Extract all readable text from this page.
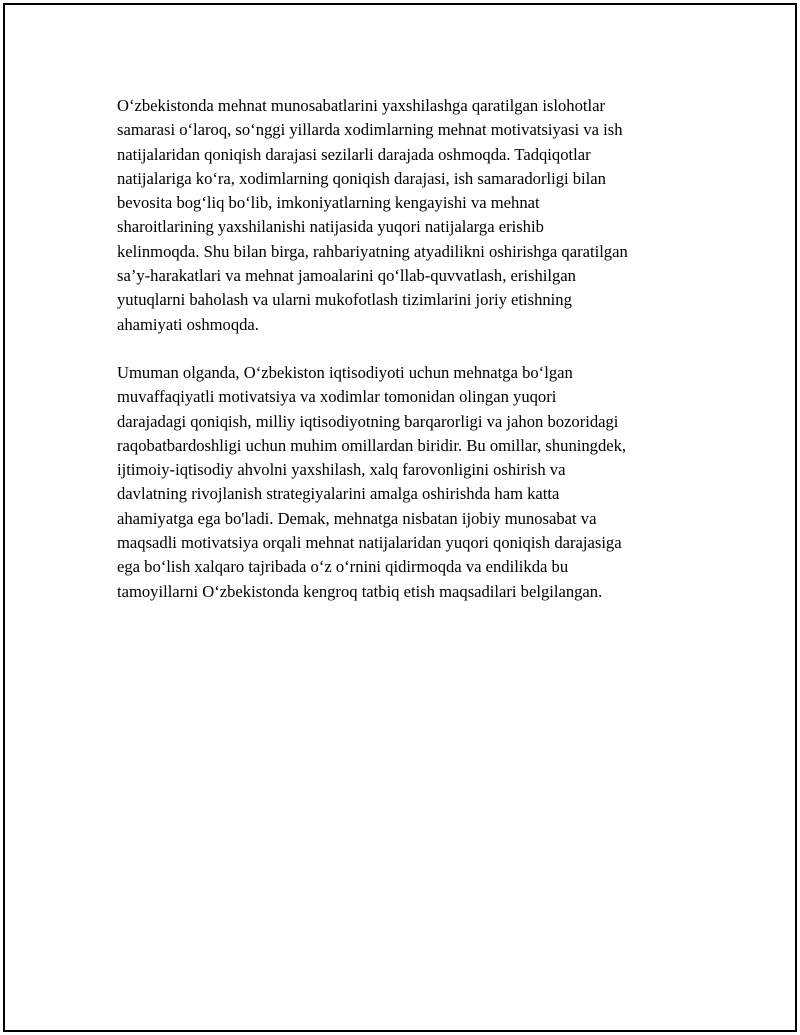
O‘zbekistonda mehnat munosabatlarini yaxshilashga qaratilgan islohotlar
samarasi o‘laroq, so‘nggi yillarda xodimlarning mehnat motivatsiyasi va ish
natijalaridan qoniqish darajasi sezilarli darajada oshmoqda. Tadqiqotlar
natijalariga ko‘ra, xodimlarning qoniqish darajasi, ish samaradorligi bilan
bevosita bog‘liq bo‘lib, imkoniyatlarning kengayishi va mehnat
sharoitlarining yaxshilanishi natijasida yuqori natijalarga erishib
kelinmoqda. Shu bilan birga, rahbariyatning atyadilikni oshirishga qaratilgan
sa’y-harakatlari va mehnat jamoalarini qo‘llab-quvvatlash, erishilgan
yutuqlarni baholash va ularni mukofotlash tizimlarini joriy etishning
ahamiyati oshmoqda.

Umuman olganda, O‘zbekiston iqtisodiyoti uchun mehnatga bo‘lgan
muvaffaqiyatli motivatsiya va xodimlar tomonidan olingan yuqori
darajadagi qoniqish, milliy iqtisodiyotning barqarorligi va jahon bozoridagi
raqobatbardoshligi uchun muhim omillardan biridir. Bu omillar, shuningdek,
ijtimoiy-iqtisodiy ahvolni yaxshilash, xalq farovonligini oshirish va
davlatning rivojlanish strategiyalarini amalga oshirishda ham katta
ahamiyatga ega bo'ladi. Demak, mehnatga nisbatan ijobiy munosabat va
maqsadli motivatsiya orqali mehnat natijalaridan yuqori qoniqish darajasiga
ega bo‘lish xalqaro tajribada o‘z o‘rnini qidirmoqda va endilikda bu
tamoyillarni O‘zbekistonda kengroq tatbiq etish maqsadilari belgilangan.
